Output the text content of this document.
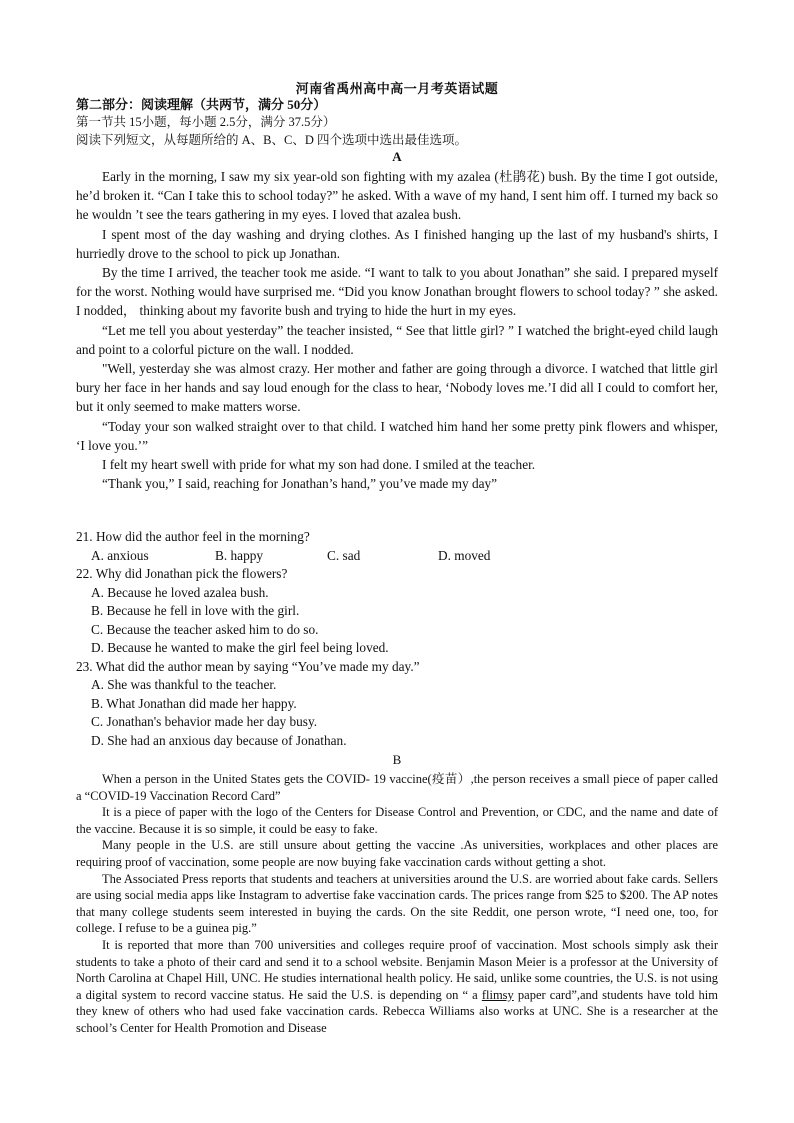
河南省禹州高中高一月考英语试题
第二部分：阅读理解（共两节，满分 50分）
第一节共 15小题，每小题 2.5分，满分 37.5分）
阅读下列短文，从每题所给的 A、B、C、D 四个选项中选出最佳选项。
A

Early in the morning, I saw my six year-old son fighting with my azalea (杜鹃花) bush. By the time I got outside, he’d broken it. “Can I take this to school today?” he asked. With a wave of my hand, I sent him off. I turned my back so he wouldn ’t see the tears gathering in my eyes. I loved that azalea bush.

I spent most of the day washing and drying clothes. As I finished hanging up the last of my husband's shirts, I hurriedly drove to the school to pick up Jonathan.

By the time I arrived, the teacher took me aside. “I want to talk to you about Jonathan” she said. I prepared myself for the worst. Nothing would have surprised me. “Did you know Jonathan brought flowers to school today? ” she asked. I nodded， thinking about my favorite bush and trying to hide the hurt in my eyes.

“Let me tell you about yesterday” the teacher insisted, “ See that little girl? ” I watched the bright-eyed child laugh and point to a colorful picture on the wall. I nodded.

"Well, yesterday she was almost crazy. Her mother and father are going through a divorce. I watched that little girl bury her face in her hands and say loud enough for the class to hear, ‘Nobody loves me.’I did all I could to comfort her, but it only seemed to make matters worse.

“Today your son walked straight over to that child. I watched him hand her some pretty pink flowers and whisper, ‘I love you.’”

I felt my heart swell with pride for what my son had done. I smiled at the teacher.

“Thank you,” I said, reaching for Jonathan’s hand,” you’ve made my day”

21. How did the author feel in the morning?

A. anxious	B. happy	C. sad	D. moved

22. Why did Jonathan pick the flowers?

A. Because he loved azalea bush.

B. Because he fell in love with the girl.

C. Because the teacher asked him to do so.

D. Because he wanted to make the girl feel being loved.

23. What did the author mean by saying “You’ve made my day.”

A. She was thankful to the teacher.

B. What Jonathan did made her happy.

C. Jonathan's behavior made her day busy.

D. She had an anxious day because of Jonathan.

B

When a person in the United States gets the COVID- 19 vaccine(疫苗）,the person receives a small piece of paper called a “COVID-19 Vaccination Record Card”

It is a piece of paper with the logo of the Centers for Disease Control and Prevention, or CDC, and the name and date of the vaccine. Because it is so simple, it could be easy to fake.

Many people in the U.S. are still unsure about getting the vaccine .As universities, workplaces and other places are requiring proof of vaccination, some people are now buying fake vaccination cards without getting a shot.

The Associated Press reports that students and teachers at universities around the U.S. are worried about fake cards. Sellers are using social media apps like Instagram to advertise fake vaccination cards. The prices range from $25 to $200. The AP notes that many college students seem interested in buying the cards. On the site Reddit, one person wrote, “I need one, too, for college. I refuse to be a guinea pig.”

It is reported that more than 700 universities and colleges require proof of vaccination. Most schools simply ask their students to take a photo of their card and send it to a school website. Benjamin Mason Meier is a professor at the University of North Carolina at Chapel Hill, UNC. He studies international health policy. He said, unlike some countries, the U.S. is not using a digital system to record vaccine status. He said the U.S. is depending on “ a flimsy paper card”,and students have told him they knew of others who had used fake vaccination cards. Rebecca Williams also works at UNC. She is a researcher at the school’s Center for Health Promotion and Disease
